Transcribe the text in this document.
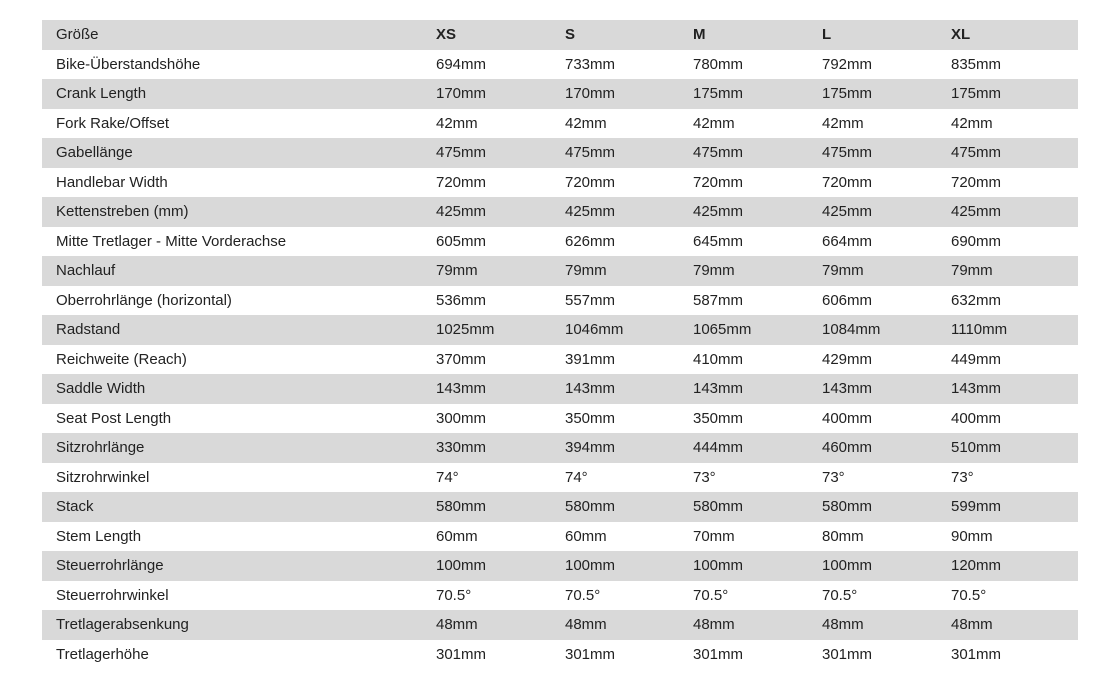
Größe	XS	S	M	L	XL
Bike-Überstandshöhe	694mm	733mm	780mm	792mm	835mm
Crank Length	170mm	170mm	175mm	175mm	175mm
Fork Rake/Offset	42mm	42mm	42mm	42mm	42mm
Gabellänge	475mm	475mm	475mm	475mm	475mm
Handlebar Width	720mm	720mm	720mm	720mm	720mm
Kettenstreben (mm)	425mm	425mm	425mm	425mm	425mm
Mitte Tretlager - Mitte Vorderachse	605mm	626mm	645mm	664mm	690mm
Nachlauf	79mm	79mm	79mm	79mm	79mm
Oberrohrlänge (horizontal)	536mm	557mm	587mm	606mm	632mm
Radstand	1025mm	1046mm	1065mm	1084mm	1110mm
Reichweite (Reach)	370mm	391mm	410mm	429mm	449mm
Saddle Width	143mm	143mm	143mm	143mm	143mm
Seat Post Length	300mm	350mm	350mm	400mm	400mm
Sitzrohrlänge	330mm	394mm	444mm	460mm	510mm
Sitzrohrwinkel	74°	74°	73°	73°	73°
Stack	580mm	580mm	580mm	580mm	599mm
Stem Length	60mm	60mm	70mm	80mm	90mm
Steuerrohrlänge	100mm	100mm	100mm	100mm	120mm
Steuerrohrwinkel	70.5°	70.5°	70.5°	70.5°	70.5°
Tretlagerabsenkung	48mm	48mm	48mm	48mm	48mm
Tretlagerhöhe	301mm	301mm	301mm	301mm	301mm
